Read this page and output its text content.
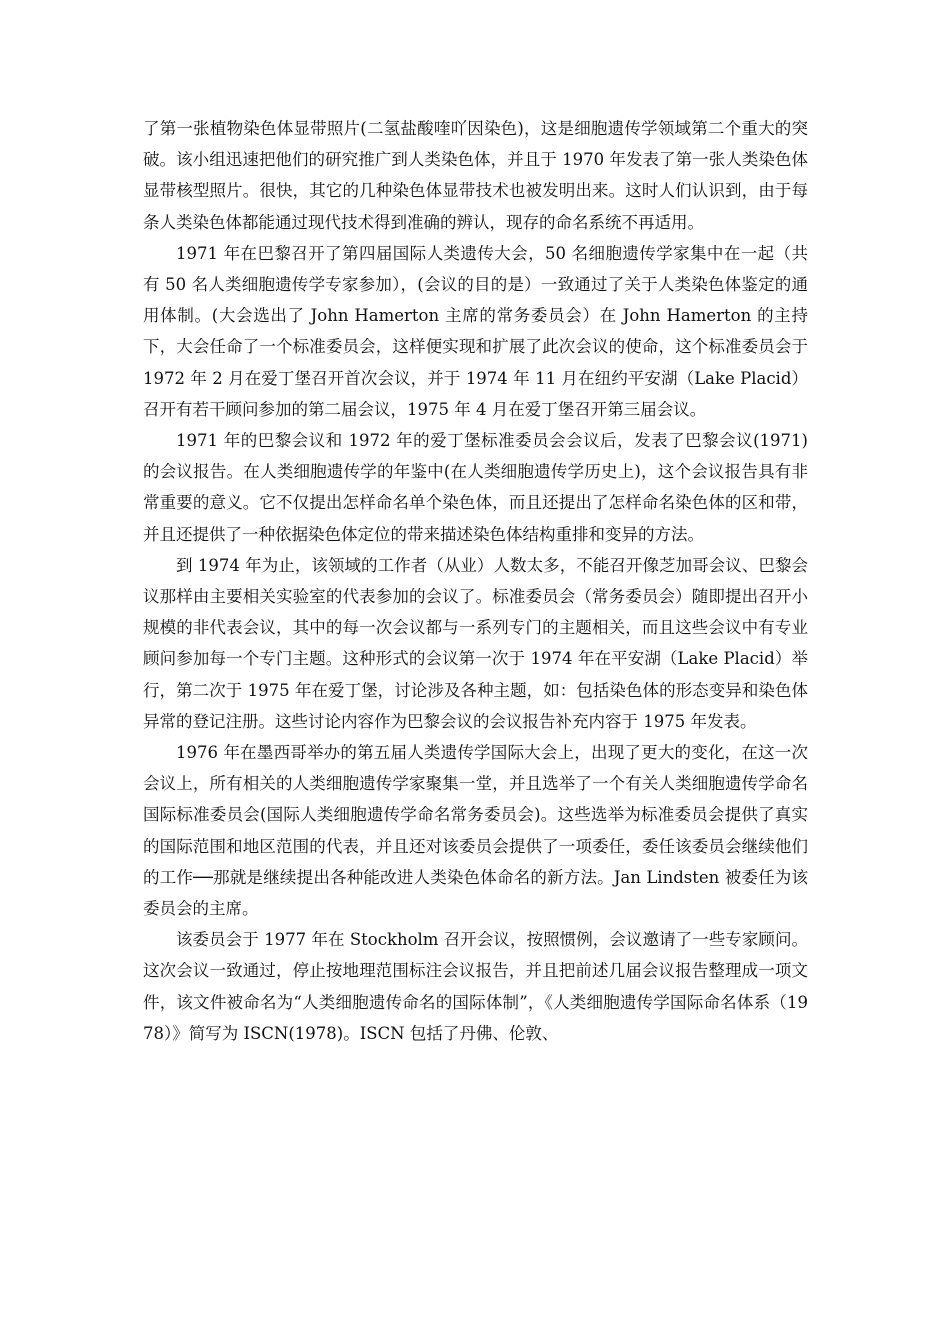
了第一张植物染色体显带照片(二氢盐酸喹吖因染色)，这是细胞遗传学领域第二个重大的突破。该小组迅速把他们的研究推广到人类染色体，并且于 1970 年发表了第一张人类染色体显带核型照片。很快，其它的几种染色体显带技术也被发明出来。这时人们认识到，由于每条人类染色体都能通过现代技术得到准确的辨认，现存的命名系统不再适用。

1971 年在巴黎召开了第四届国际人类遗传大会，50 名细胞遗传学家集中在一起（共有 50 名人类细胞遗传学专家参加），(会议的目的是）一致通过了关于人类染色体鉴定的通用体制。(大会选出了 John Hamerton 主席的常务委员会）在 John Hamerton 的主持下，大会任命了一个标准委员会，这样便实现和扩展了此次会议的使命，这个标准委员会于 1972 年 2 月在爱丁堡召开首次会议，并于 1974 年 11 月在纽约平安湖（Lake Placid）召开有若干顾问参加的第二届会议，1975 年 4 月在爱丁堡召开第三届会议。

1971 年的巴黎会议和 1972 年的爱丁堡标准委员会会议后，发表了巴黎会议(1971)的会议报告。在人类细胞遗传学的年鉴中(在人类细胞遗传学历史上)，这个会议报告具有非常重要的意义。它不仅提出怎样命名单个染色体，而且还提出了怎样命名染色体的区和带，并且还提供了一种依据染色体定位的带来描述染色体结构重排和变异的方法。

到 1974 年为止，该领域的工作者（从业）人数太多，不能召开像芝加哥会议、巴黎会议那样由主要相关实验室的代表参加的会议了。标准委员会（常务委员会）随即提出召开小规模的非代表会议，其中的每一次会议都与一系列专门的主题相关，而且这些会议中有专业顾问参加每一个专门主题。这种形式的会议第一次于 1974 年在平安湖（Lake Placid）举行，第二次于 1975 年在爱丁堡，讨论涉及各种主题，如：包括染色体的形态变异和染色体异常的登记注册。这些讨论内容作为巴黎会议的会议报告补充内容于 1975 年发表。

1976 年在墨西哥举办的第五届人类遗传学国际大会上，出现了更大的变化，在这一次会议上，所有相关的人类细胞遗传学家聚集一堂，并且选举了一个有关人类细胞遗传学命名国际标准委员会(国际人类细胞遗传学命名常务委员会)。这些选举为标准委员会提供了真实的国际范围和地区范围的代表，并且还对该委员会提供了一项委任，委任该委员会继续他们的工作──那就是继续提出各种能改进人类染色体命名的新方法。Jan Lindsten 被委任为该委员会的主席。

该委员会于 1977 年在 Stockholm 召开会议，按照惯例，会议邀请了一些专家顾问。这次会议一致通过，停止按地理范围标注会议报告，并且把前述几届会议报告整理成一项文件，该文件被命名为“人类细胞遗传命名的国际体制”，《人类细胞遗传学国际命名体系（1978）》简写为 ISCN(1978)。ISCN 包括了丹佛、伦敦、
